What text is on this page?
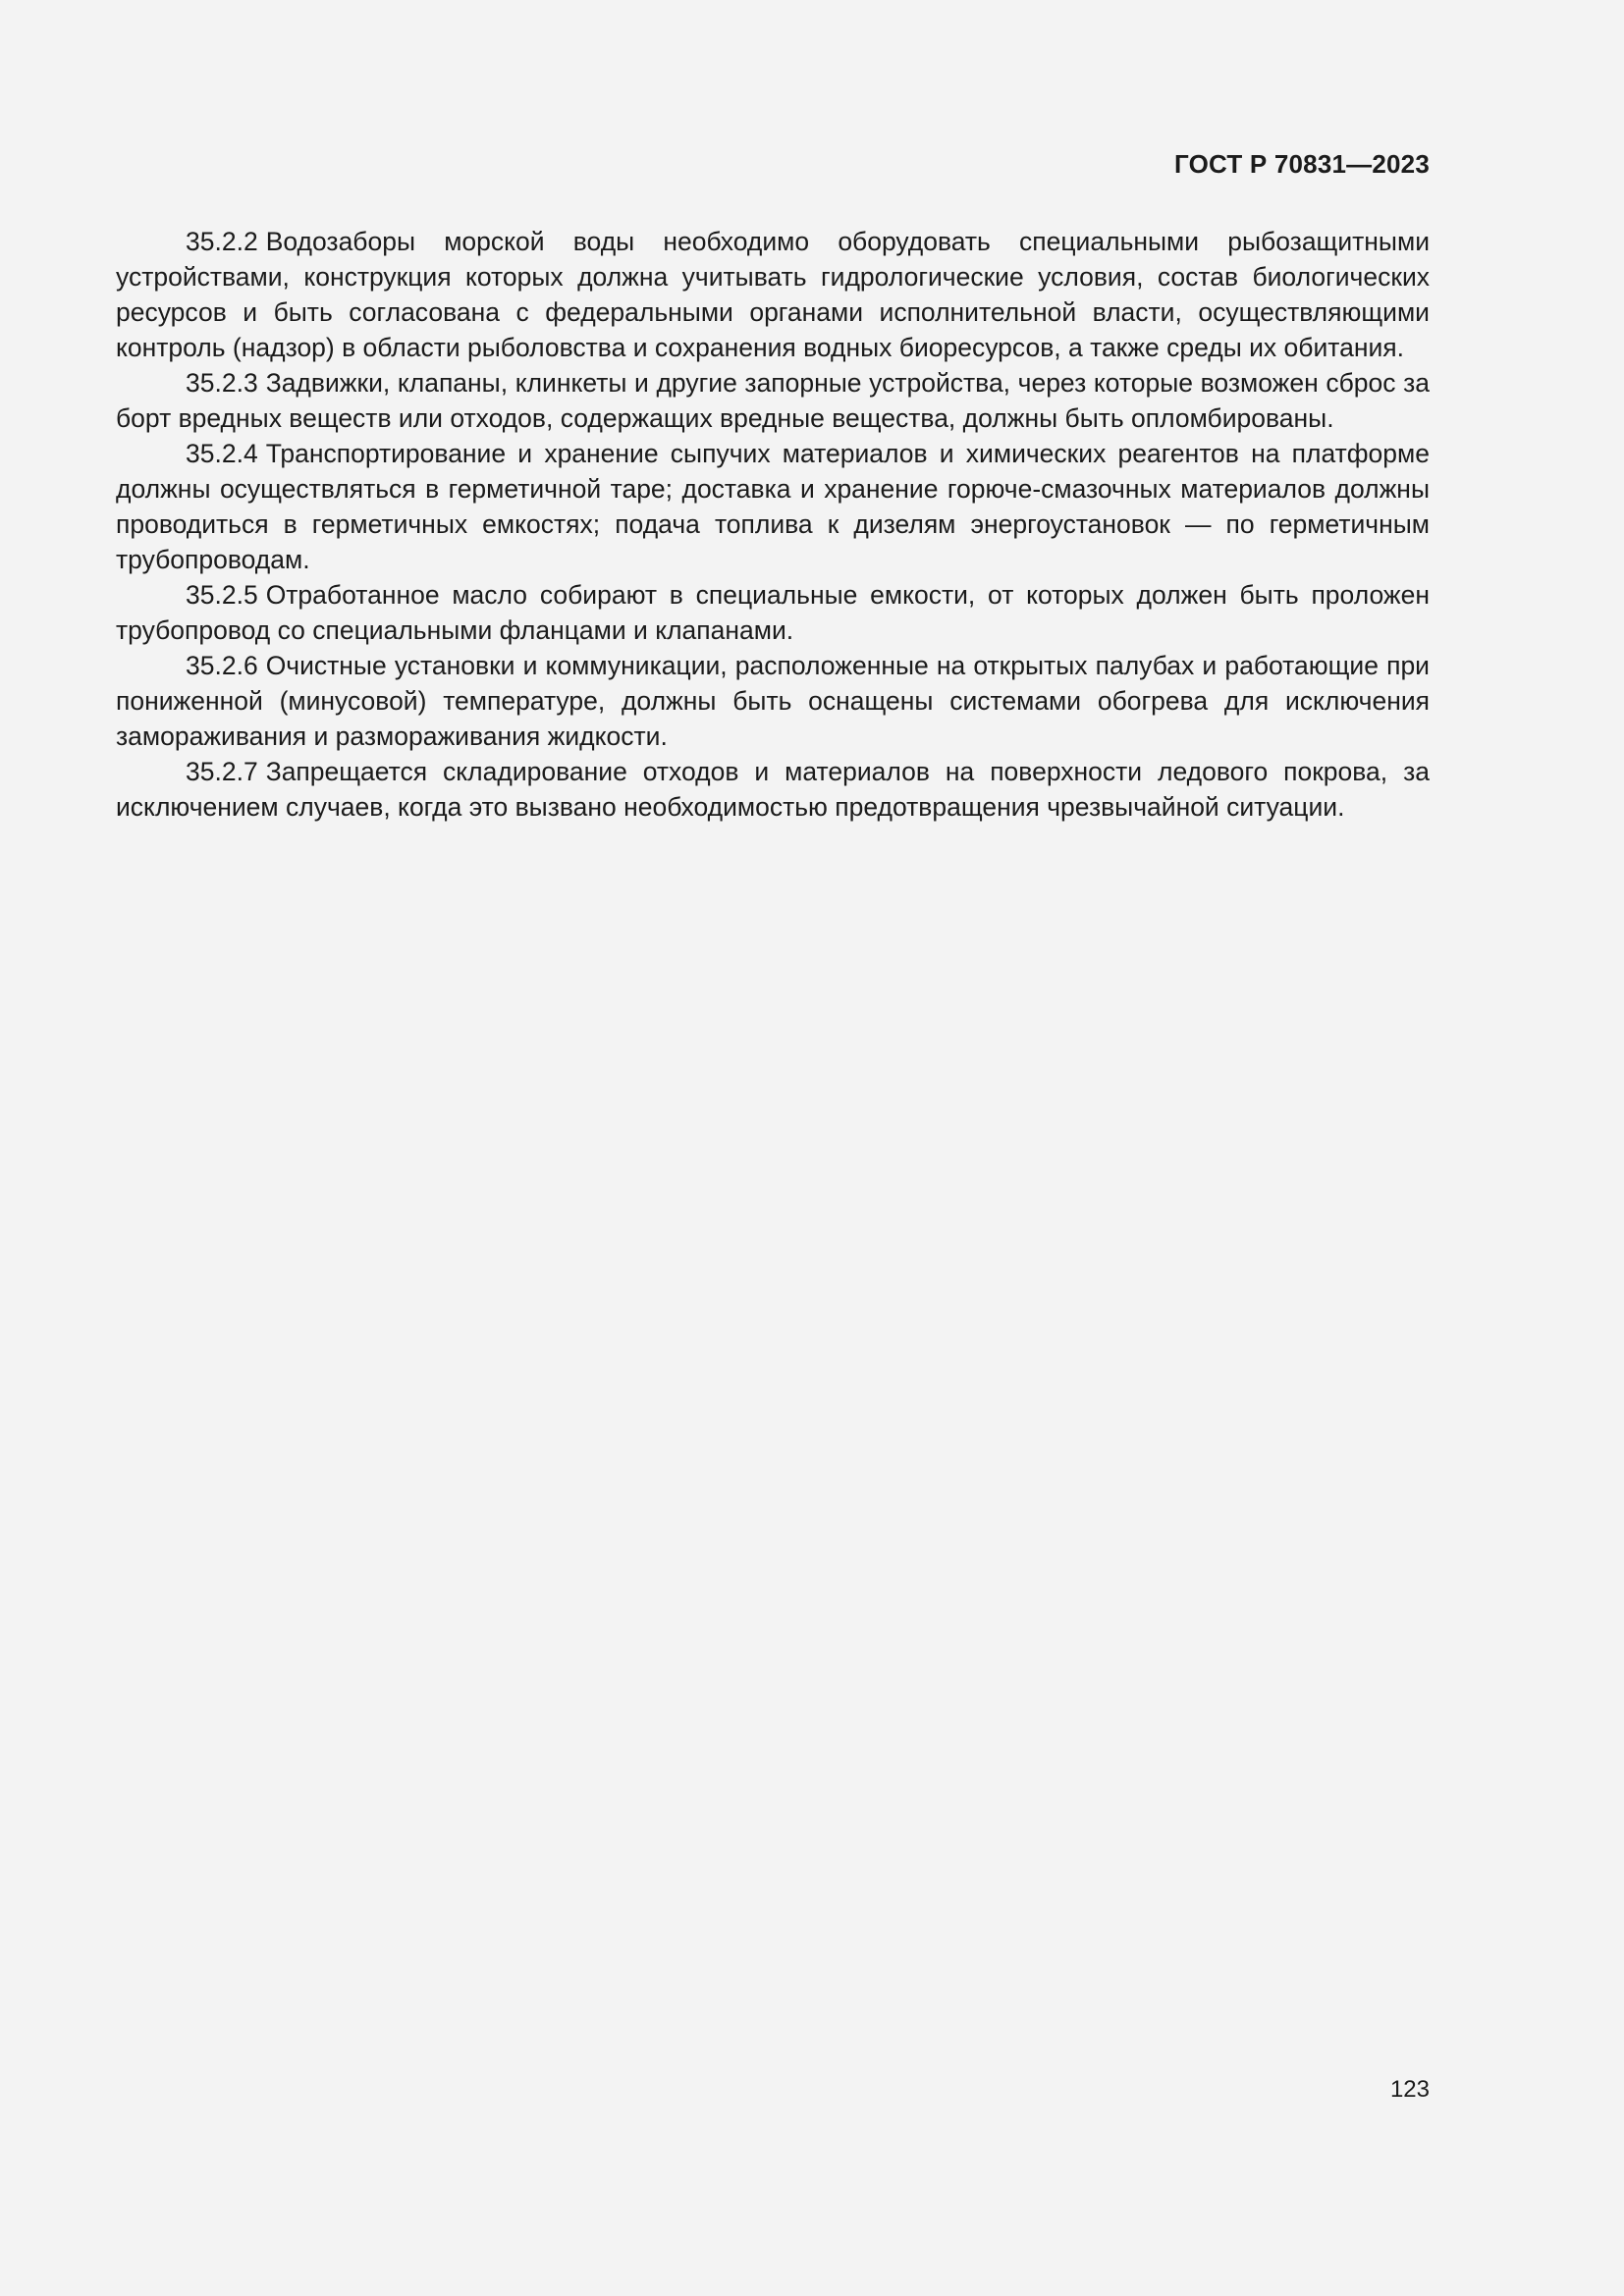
ГОСТ Р 70831—2023

35.2.2 Водозаборы морской воды необходимо оборудовать специальными рыбозащитными устройствами, конструкция которых должна учитывать гидрологические условия, состав биологических ресурсов и быть согласована с федеральными органами исполнительной власти, осуществляющими контроль (надзор) в области рыболовства и сохранения водных биоресурсов, а также среды их обитания.

35.2.3 Задвижки, клапаны, клинкеты и другие запорные устройства, через которые возможен сброс за борт вредных веществ или отходов, содержащих вредные вещества, должны быть опломбированы.

35.2.4 Транспортирование и хранение сыпучих материалов и химических реагентов на платформе должны осуществляться в герметичной таре; доставка и хранение горюче-смазочных материалов должны проводиться в герметичных емкостях; подача топлива к дизелям энергоустановок — по герметичным трубопроводам.

35.2.5 Отработанное масло собирают в специальные емкости, от которых должен быть проложен трубопровод со специальными фланцами и клапанами.

35.2.6 Очистные установки и коммуникации, расположенные на открытых палубах и работающие при пониженной (минусовой) температуре, должны быть оснащены системами обогрева для исключения замораживания и размораживания жидкости.

35.2.7 Запрещается складирование отходов и материалов на поверхности ледового покрова, за исключением случаев, когда это вызвано необходимостью предотвращения чрезвычайной ситуации.

123
